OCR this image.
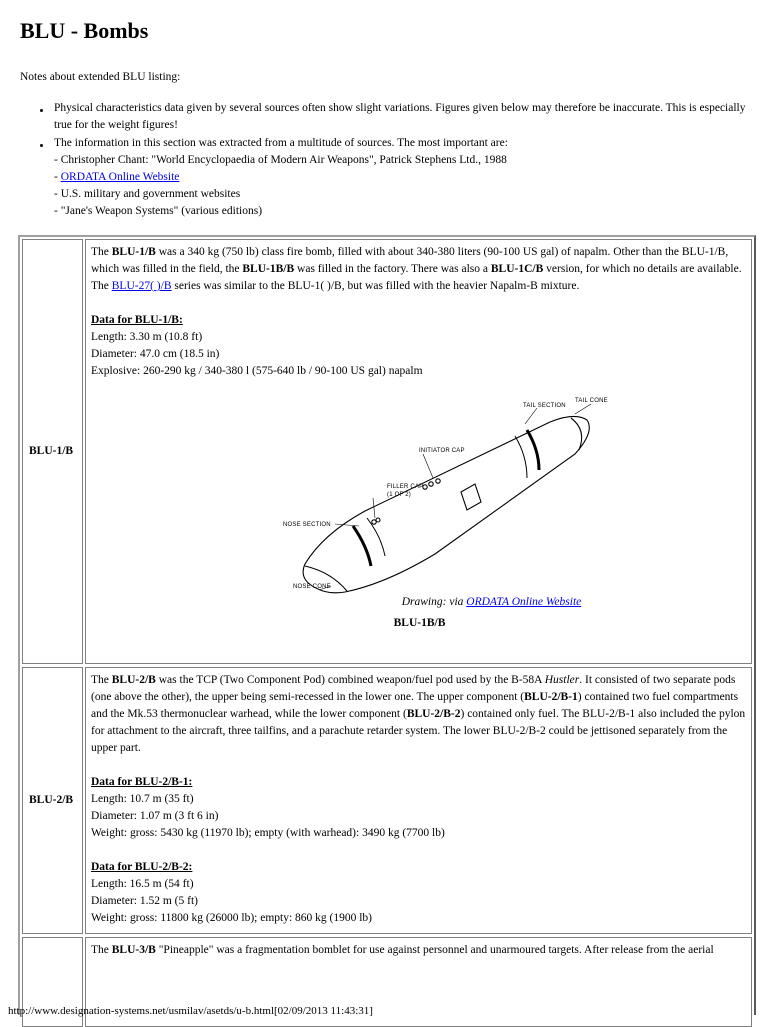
BLU - Bombs

Notes about extended BLU listing:

Physical characteristics data given by several sources often show slight variations. Figures given below may therefore be inaccurate. This is especially true for the weight figures!
The information in this section was extracted from a multitude of sources. The most important are:
- Christopher Chant: "World Encyclopaedia of Modern Air Weapons", Patrick Stephens Ltd., 1988
- ORDATA Online Website
- U.S. military and government websites
- "Jane's Weapon Systems" (various editions)
BLU-1/B

The BLU-1/B was a 340 kg (750 lb) class fire bomb, filled with about 340-380 liters (90-100 US gal) of napalm. Other than the BLU-1/B, which was filled in the field, the BLU-1B/B was filled in the factory. There was also a BLU-1C/B version, for which no details are available. The BLU-27( )/B series was similar to the BLU-1( )/B, but was filled with the heavier Napalm-B mixture.

Data for BLU-1/B:
Length: 3.30 m (10.8 ft)
Diameter: 47.0 cm (18.5 in)
Explosive: 260-290 kg / 340-380 l (575-640 lb / 90-100 US gal) napalm

TAIL SECTION
TAIL CONE
INITIATOR CAP
FILLER CAP
(1 OF 2)
NOSE SECTION
NOSE CONE
Drawing: via ORDATA Online Website
BLU-1B/B
BLU-2/B

The BLU-2/B was the TCP (Two Component Pod) combined weapon/fuel pod used by the B-58A Hustler. It consisted of two separate pods (one above the other), the upper being semi-recessed in the lower one. The upper component (BLU-2/B-1) contained two fuel compartments and the Mk.53 thermonuclear warhead, while the lower component (BLU-2/B-2) contained only fuel. The BLU-2/B-1 also included the pylon for attachment to the aircraft, three tailfins, and a parachute retarder system. The lower BLU-2/B-2 could be jettisoned separately from the upper part.

Data for BLU-2/B-1:
Length: 10.7 m (35 ft)
Diameter: 1.07 m (3 ft 6 in)
Weight: gross: 5430 kg (11970 lb); empty (with warhead): 3490 kg (7700 lb)

Data for BLU-2/B-2:
Length: 16.5 m (54 ft)
Diameter: 1.52 m (5 ft)
Weight: gross: 11800 kg (26000 lb); empty: 860 kg (1900 lb)

The BLU-3/B "Pineapple" was a fragmentation bomblet for use against personnel and unarmoured targets. After release from the aerial

http://www.designation-systems.net/usmilav/asetds/u-b.html[02/09/2013 11:43:31]
